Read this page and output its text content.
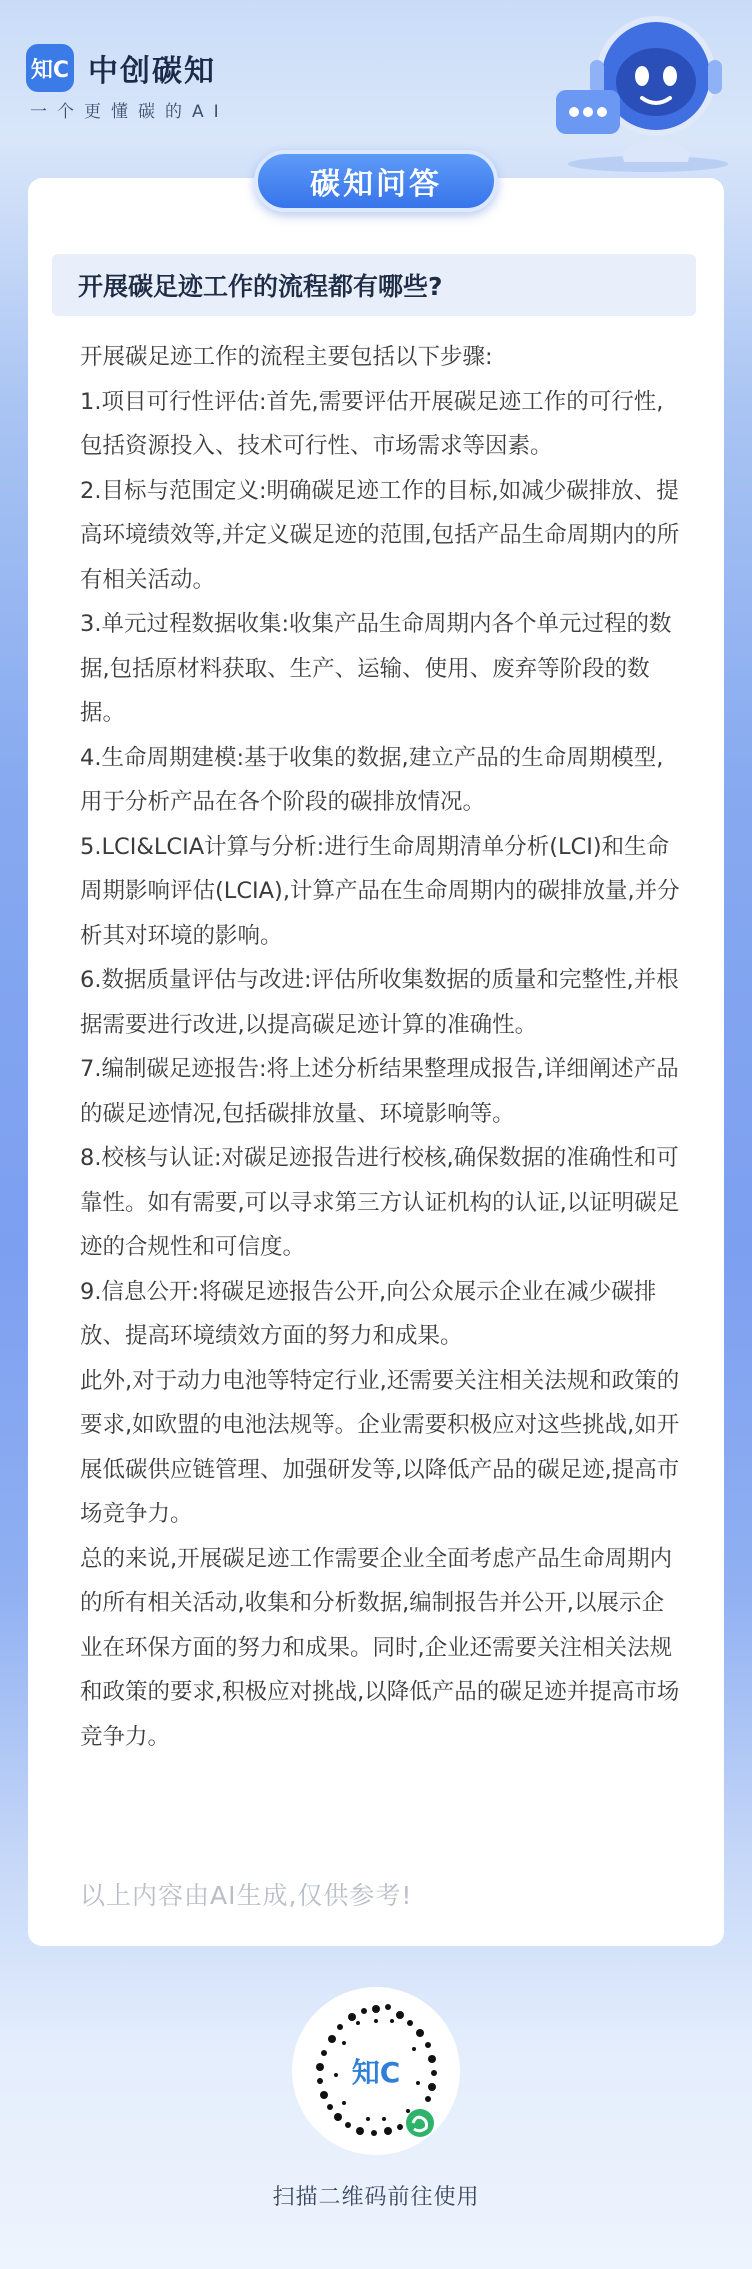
知C 中创碳知
一个更懂碳的AI
碳知问答
开展碳足迹工作的流程都有哪些?

开展碳足迹工作的流程主要包括以下步骤:

1.项目可行性评估:首先,需要评估开展碳足迹工作的可行性,包括资源投入、技术可行性、市场需求等因素。

2.目标与范围定义:明确碳足迹工作的目标,如减少碳排放、提高环境绩效等,并定义碳足迹的范围,包括产品生命周期内的所有相关活动。

3.单元过程数据收集:收集产品生命周期内各个单元过程的数据,包括原材料获取、生产、运输、使用、废弃等阶段的数据。

4.生命周期建模:基于收集的数据,建立产品的生命周期模型,用于分析产品在各个阶段的碳排放情况。

5.LCI&LCIA计算与分析:进行生命周期清单分析(LCI)和生命周期影响评估(LCIA),计算产品在生命周期内的碳排放量,并分析其对环境的影响。

6.数据质量评估与改进:评估所收集数据的质量和完整性,并根据需要进行改进,以提高碳足迹计算的准确性。

7.编制碳足迹报告:将上述分析结果整理成报告,详细阐述产品的碳足迹情况,包括碳排放量、环境影响等。

8.校核与认证:对碳足迹报告进行校核,确保数据的准确性和可靠性。如有需要,可以寻求第三方认证机构的认证,以证明碳足迹的合规性和可信度。

9.信息公开:将碳足迹报告公开,向公众展示企业在减少碳排放、提高环境绩效方面的努力和成果。

此外,对于动力电池等特定行业,还需要关注相关法规和政策的要求,如欧盟的电池法规等。企业需要积极应对这些挑战,如开展低碳供应链管理、加强研发等,以降低产品的碳足迹,提高市场竞争力。

总的来说,开展碳足迹工作需要企业全面考虑产品生命周期内的所有相关活动,收集和分析数据,编制报告并公开,以展示企业在环保方面的努力和成果。同时,企业还需要关注相关法规和政策的要求,积极应对挑战,以降低产品的碳足迹并提高市场竞争力。

以上内容由AI生成,仅供参考!
知C
扫描二维码前往使用
